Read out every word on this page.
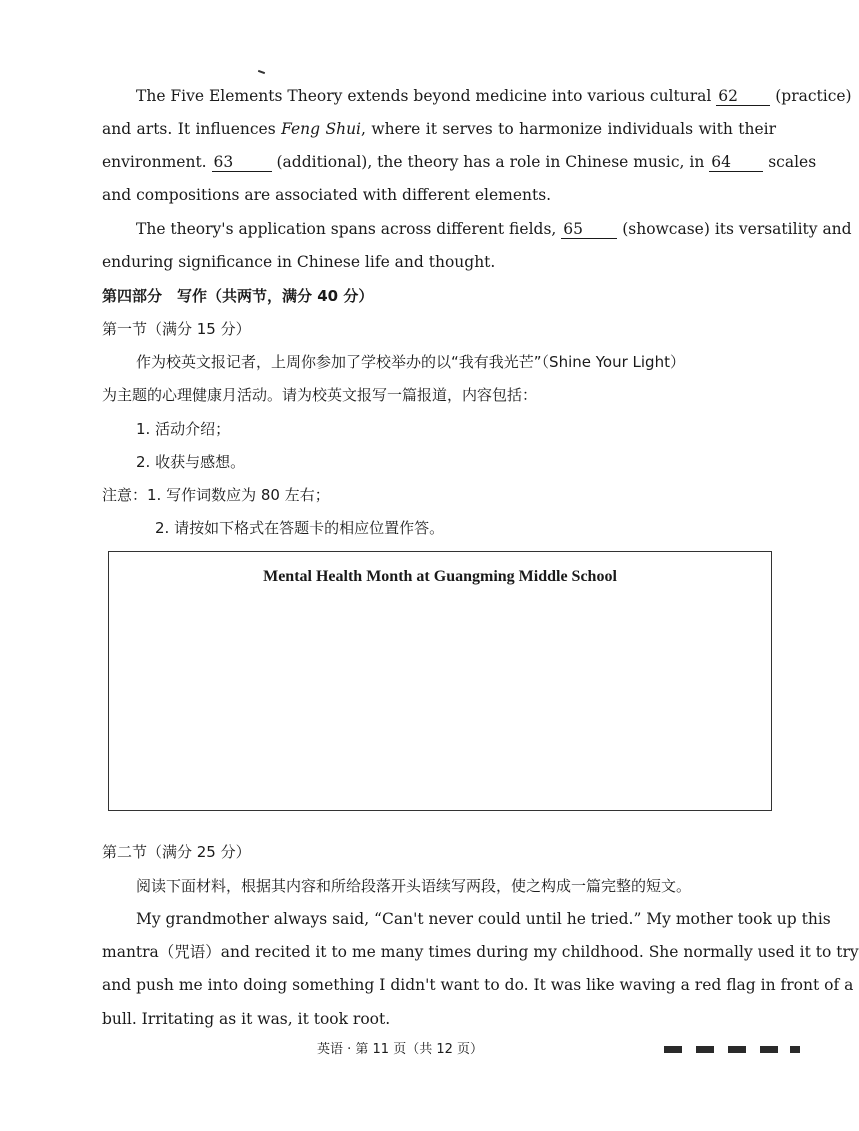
The Five Elements Theory extends beyond medicine into various cultural 62 (practice)
and arts. It influences Feng Shui, where it serves to harmonize individuals with their
environment. 63	(additional), the theory has a role in Chinese music, in 64 scales
and compositions are associated with different elements.
The theory's application spans across different fields, 65	(showcase) its versatility and
enduring significance in Chinese life and thought.
第四部分　写作（共两节，满分 40 分）
第一节（满分 15 分）
作为校英文报记者，上周你参加了学校举办的以“我有我光芒”（Shine Your Light）
为主题的心理健康月活动。请为校英文报写一篇报道，内容包括：
1. 活动介绍；
2. 收获与感想。
注意：1. 写作词数应为 80 左右；
2. 请按如下格式在答题卡的相应位置作答。
Mental Health Month at Guangming Middle School
第二节（满分 25 分）
阅读下面材料，根据其内容和所给段落开头语续写两段，使之构成一篇完整的短文。
My grandmother always said, “Can't never could until he tried.” My mother took up this
mantra（咒语）and recited it to me many times during my childhood. She normally used it to try
and push me into doing something I didn't want to do. It was like waving a red flag in front of a
bull. Irritating as it was, it took root.
英语 · 第 11 页（共 12 页）
